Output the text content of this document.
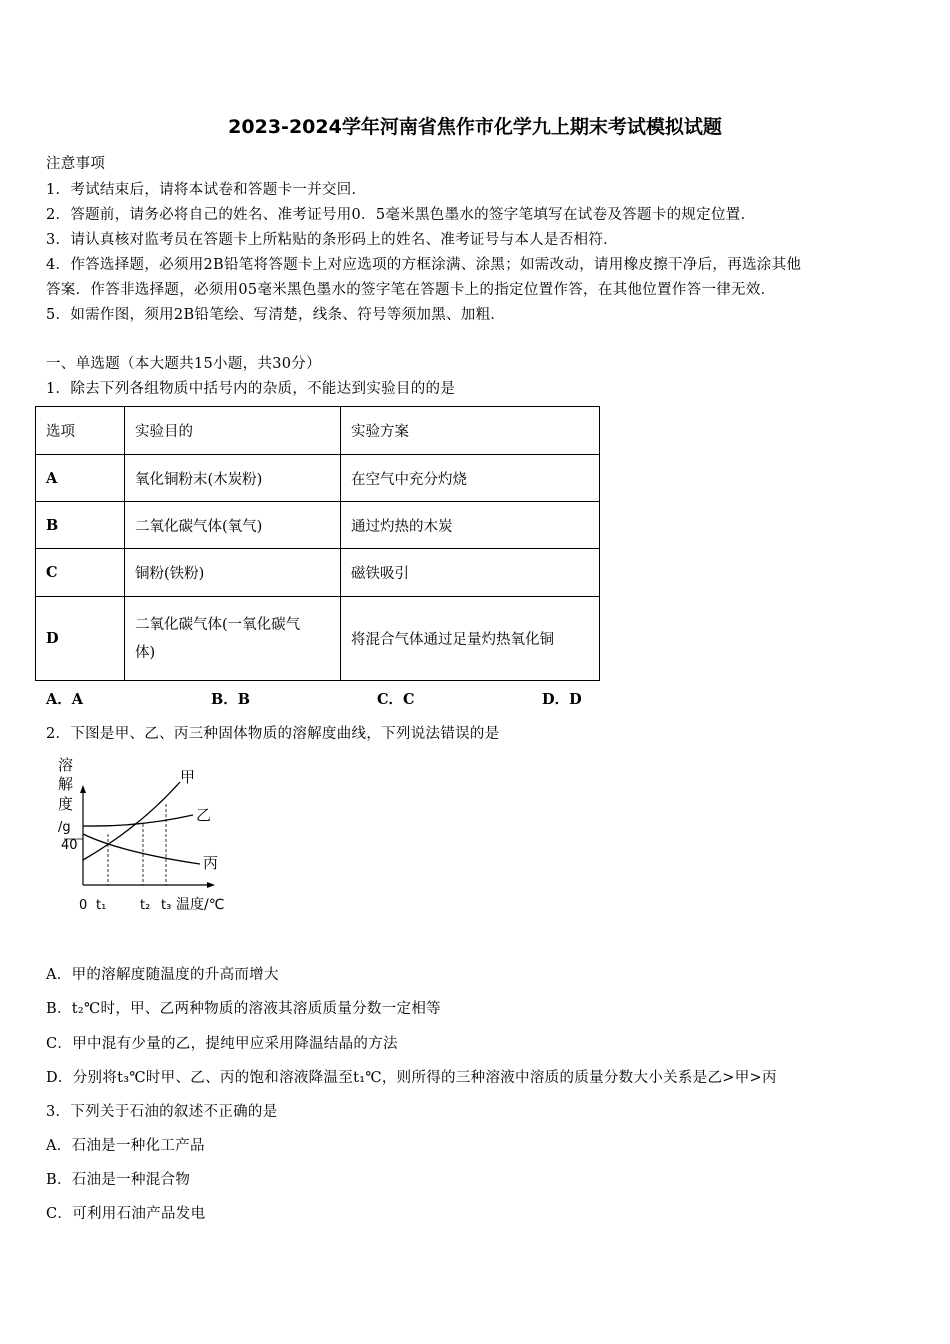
2023-2024学年河南省焦作市化学九上期末考试模拟试题
注意事项
1．考试结束后，请将本试卷和答题卡一并交回．
2．答题前，请务必将自己的姓名、准考证号用0．5毫米黑色墨水的签字笔填写在试卷及答题卡的规定位置．
3．请认真核对监考员在答题卡上所粘贴的条形码上的姓名、准考证号与本人是否相符．
4．作答选择题，必须用2B铅笔将答题卡上对应选项的方框涂满、涂黑；如需改动，请用橡皮擦干净后，再选涂其他
答案．作答非选择题，必须用05毫米黑色墨水的签字笔在答题卡上的指定位置作答，在其他位置作答一律无效．
5．如需作图，须用2B铅笔绘、写清楚，线条、符号等须加黑、加粗．
一、单选题（本大题共15小题，共30分）
1．除去下列各组物质中括号内的杂质，不能达到实验目的的是
选项	实验目的	实验方案
A	氧化铜粉末(木炭粉)	在空气中充分灼烧
B	二氧化碳气体(氧气)	通过灼热的木炭
C	铜粉(铁粉)	磁铁吸引
D	二氧化碳气体(一氧化碳气
体)	将混合气体通过足量灼热氧化铜
A．A	B．B	C．C	D．D
2．下图是甲、乙、丙三种固体物质的溶解度曲线，下列说法错误的是
溶
解
度
/g
40
甲
乙
丙
0 t₁	t₂ t₃ 温度/℃
A．甲的溶解度随温度的升高而增大
B．t₂℃时，甲、乙两种物质的溶液其溶质质量分数一定相等
C．甲中混有少量的乙，提纯甲应采用降温结晶的方法
D．分别将t₃℃时甲、乙、丙的饱和溶液降温至t₁℃，则所得的三种溶液中溶质的质量分数大小关系是乙>甲>丙
3．下列关于石油的叙述不正确的是
A．石油是一种化工产品
B．石油是一种混合物
C．可利用石油产品发电
